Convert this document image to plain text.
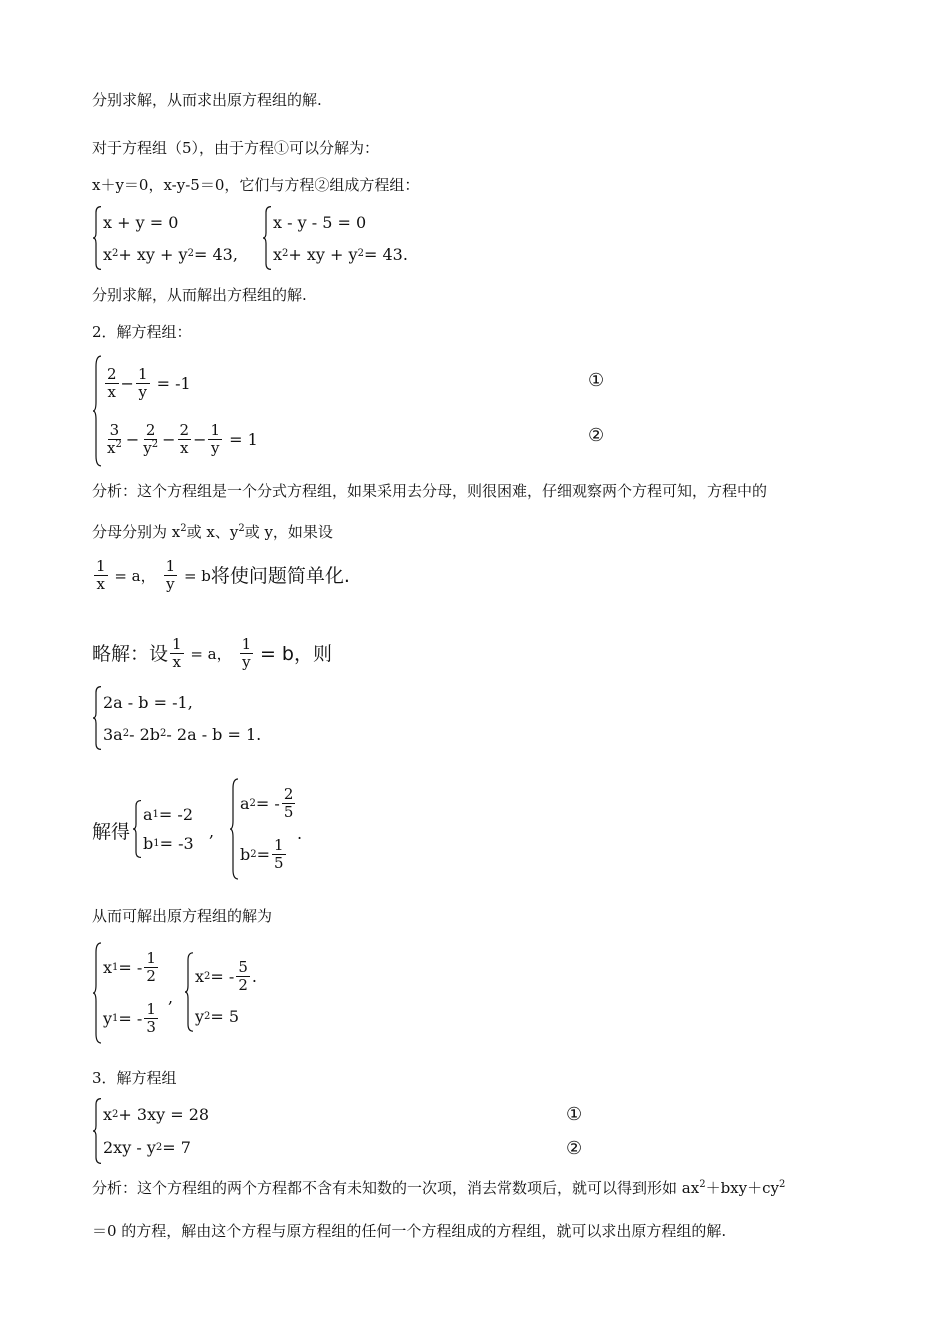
分别求解，从而求出原方程组的解.
对于方程组（5），由于方程①可以分解为：
x＋y＝0，x-y-5＝0，它们与方程②组成方程组：
x + y = 0
x 2 + xy + y 2 = 43 ,
x - y - 5 = 0
x 2 + xy + y 2 = 43 .
分别求解，从而解出方程组的解.
2．解方程组：
$\frac{2}{x} - \frac{1}{y}$
= -1
$\frac{3}{x^2} - \frac{2}{y^2} - \frac{2}{x} - \frac{1}{y}$
= 1
①
②
分析：这个方程组是一个分式方程组，如果采用去分母，则很困难，仔细观察两个方程可知，方程中的
分母分别为 $x^2$或 x、$y^2$或 y，如果设
$\frac{1}{x}$
= a， $\frac{1}{y}$
= b 将使问题简单化.
略解：设 $\frac{1}{x}$
= a， $\frac{1}{y}$
= b，则
2a - b = -1,
3a 2 - 2b 2 - 2a - b = 1.
解得
a 1 = -2
b 1 = -3
,
a 2 = - $\frac{2}{5}$
b $2 = \frac{1}{5}$
.
从而可解出原方程组的解为
x 1 = - $\frac{1}{2}$
y 1 = - $\frac{1}{3}$
,
x 2 = - $\frac{5}{2}$ .
y 2 = 5
3．解方程组
x 2 + 3xy = 28
2xy - y 2 = 7
①
②
分析：这个方程组的两个方程都不含有未知数的一次项，消去常数项后，就可以得到形如 $ax^2+bxy+cy^2$
＝0 的方程，解由这个方程与原方程组的任何一个方程组成的方程组，就可以求出原方程组的解.
